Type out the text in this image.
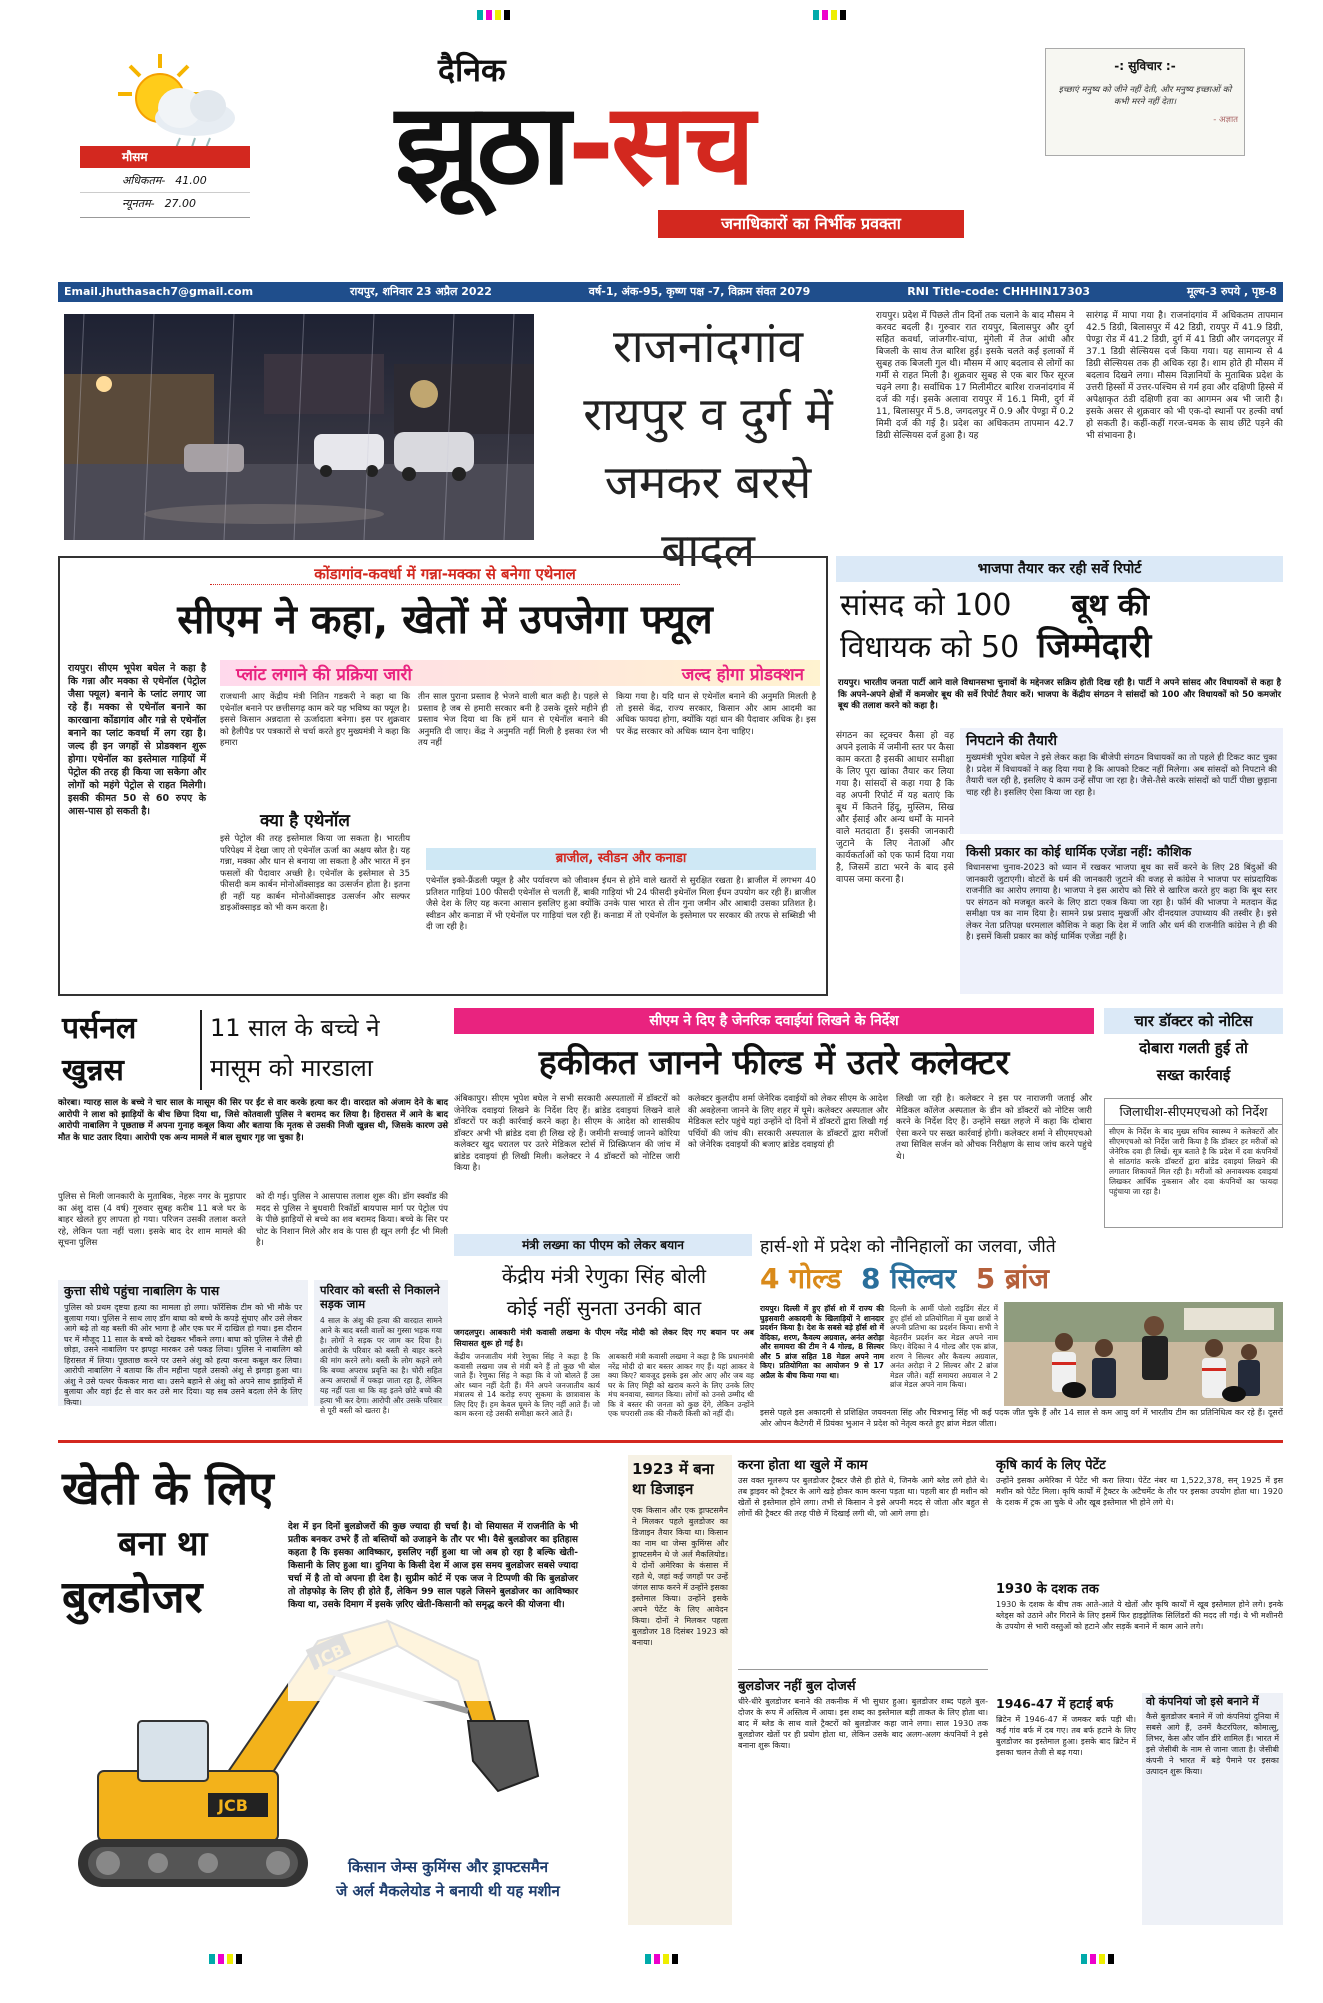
मौसम
अधिकतम- 41.00
न्यूनतम- 27.00
दैनिक
झूठा-सच
जनाधिकारों का निर्भीक प्रवक्ता
-: सुविचार :-
इच्छाएं मनुष्य को जीने नहीं देती, और मनुष्य इच्छाओं को कभी मरने नहीं देता।
- अज्ञात
Email.jhuthasach7@gmail.com	रायपुर, शनिवार 23 अप्रैल 2022	वर्ष-1, अंक-95, कृष्ण पक्ष -7, विक्रम संवत 2079	RNI Title-code: CHHHIN17303	मूल्य-3 रुपये , पृष्ठ-8
राजनांदगांव
रायपुर व दुर्ग में
जमकर बरसे बादल
रायपुर। प्रदेश में पिछले तीन दिनों तक चलाने के बाद मौसम ने करवट बदली है। गुरुवार रात रायपुर, बिलासपुर और दुर्ग सहित कवर्धा, जांजगीर-चांपा, मुंगेली में तेज आंधी और बिजली के साथ तेज बारिश हुई। इसके चलते कई इलाकों में सुबह तक बिजली गुल थी। मौसम में आए बदलाव से लोगों का गर्मी से राहत मिली है। शुक्रवार सुबह से एक बार फिर सूरज चढ़ने लगा है। सर्वाधिक 17 मिलीमीटर बारिश राजनांदगांव में दर्ज की गई। इसके अलावा रायपुर में 16.1 मिमी, दुर्ग में 11, बिलासपुर में 5.8, जगदलपुर में 0.9 और पेण्ड्रा में 0.2 मिमी दर्ज की गई है। प्रदेश का अधिकतम तापमान 42.7 डिग्री सेल्सियस दर्ज हुआ है। यह
सारंगढ़ में मापा गया है। राजनांदगांव में अधिकतम तापमान 42.5 डिग्री, बिलासपुर में 42 डिग्री, रायपुर में 41.9 डिग्री, पेण्ड्रा रोड में 41.2 डिग्री, दुर्ग में 41 डिग्री और जगदलपुर में 37.1 डिग्री सेल्सियस दर्ज किया गया। यह सामान्य से 4 डिग्री सेल्सियस तक ही अधिक रहा है। शाम होते ही मौसम में बदलाव दिखने लगा। मौसम विज्ञानियों के मुताबिक प्रदेश के उत्तरी हिस्सों में उत्तर-पश्चिम से गर्म हवा और दक्षिणी हिस्से में अपेक्षाकृत ठंडी दक्षिणी हवा का आगमन अब भी जारी है। इसके असर से शुक्रवार को भी एक-दो स्थानों पर हल्की वर्षा हो सकती है। कहीं-कहीं गरज-चमक के साथ छींटे पड़ने की भी संभावना है।
कोंडागांव-कवर्धा में गन्ना-मक्का से बनेगा एथेनाल
सीएम ने कहा, खेतों में उपजेगा फ्यूल
रायपुर। सीएम भूपेश बघेल ने कहा है कि गन्ना और मक्का से एथेनॉल (पेट्रोल जैसा फ्यूल) बनाने के प्लांट लगाए जा रहे हैं। मक्का से एथेनॉल बनाने का कारखाना कोंडागांव और गन्ने से एथेनॉल बनाने का प्लांट कवर्धा में लग रहा है। जल्द ही इन जगहों से प्रोडक्शन शुरू होगा। एथेनॉल का इस्तेमाल गाड़ियों में पेट्रोल की तरह ही किया जा सकेगा और लोगों को महंगे पेट्रोल से राहत मिलेगी। इसकी कीमत 50 से 60 रुपए के आस-पास हो सकती है।
प्लांट लगाने की प्रक्रिया जारी	जल्द होगा प्रोडक्शन
राजधानी आए केंद्रीय मंत्री नितिन गडकरी ने कहा था कि एथेनॉल बनाने पर छत्तीसगढ़ काम करे यह भविष्य का फ्यूल है। इससे किसान अन्नदाता से ऊर्जादाता बनेगा। इस पर शुक्रवार को हैलीपैड पर पत्रकारों से चर्चा करते हुए मुख्यमंत्री ने कहा कि हमारा
तीन साल पुराना प्रस्ताव है भेजने वाली बात कही है। पहले से प्रस्ताव है जब से हमारी सरकार बनी है उसके दूसरे महीने ही प्रस्ताव भेज दिया था कि हमें धान से एथेनॉल बनाने की अनुमति दी जाए। केंद्र ने अनुमति नहीं मिली है इसका रंज भी तय नहीं
किया गया है। यदि धान से एथेनॉल बनाने की अनुमति मिलती है तो इससे केंद्र, राज्य सरकार, किसान और आम आदमी का अधिक फायदा होगा, क्योंकि यहां धान की पैदावार अधिक है। इस पर केंद्र सरकार को अधिक ध्यान देना चाहिए।
क्या है एथेनॉल
इसे पेट्रोल की तरह इस्तेमाल किया जा सकता है। भारतीय परिपेक्ष्य में देखा जाए तो एथेनॉल ऊर्जा का अक्षय स्रोत है। यह गन्ना, मक्का और धान से बनाया जा सकता है और भारत में इन फसलों की पैदावार अच्छी है। एथेनॉल के इस्तेमाल से 35 फीसदी कम कार्बन मोनोऑक्साइड का उत्सर्जन होता है। इतना ही नहीं यह कार्बन मोनोऑक्साइड उत्सर्जन और सल्फर डाइऑक्साइड को भी कम करता है।
ब्राजील, स्वीडन और कनाडा
एथेनॉल इको-फ्रैंडली फ्यूल है और पर्यावरण को जीवाश्म ईंधन से होने वाले खतरों से सुरक्षित रखता है। ब्राजील में लगभग 40 प्रतिशत गाड़ियां 100 फीसदी एथेनॉल से चलती हैं, बाकी गाड़ियां भी 24 फीसदी इथेनॉल मिला ईंधन उपयोग कर रही हैं। ब्राजील जैसे देश के लिए यह करना आसान इसलिए हुआ क्योंकि उनके पास भारत से तीन गुना जमीन और आबादी उसका प्रतिशत है। स्वीडन और कनाडा में भी एथेनॉल पर गाड़ियां चल रही हैं। कनाडा में तो एथेनॉल के इस्तेमाल पर सरकार की तरफ से सब्सिडी भी दी जा रही है।
भाजपा तैयार कर रही सर्वे रिपोर्ट
सांसद को 100 बूथ की
विधायक को 50 जिम्मेदारी
रायपुर। भारतीय जनता पार्टी आने वाले विधानसभा चुनावों के मद्देनजर सक्रिय होती दिख रही है। पार्टी ने अपने सांसद और विधायकों से कहा है कि अपने-अपने क्षेत्रों में कमजोर बूथ की सर्वे रिपोर्ट तैयार करें। भाजपा के केंद्रीय संगठन ने सांसदों को 100 और विधायकों को 50 कमजोर बूथ की तलाश करने को कहा है।
संगठन का स्ट्रक्चर कैसा हो वह अपने इलाके में जमीनी स्तर पर कैसा काम करता है इसकी आधार समीक्षा के लिए पूरा खांका तैयार कर लिया गया है। सांसदों से कहा गया है कि वह अपनी रिपोर्ट में यह बताएं कि बूथ में कितने हिंदू, मुस्लिम, सिख और ईसाई और अन्य धर्मों के मानने वाले मतदाता हैं। इसकी जानकारी जुटाने के लिए नेताओं और कार्यकर्ताओं को एक फार्म दिया गया है, जिसमें डाटा भरने के बाद इसे वापस जमा करना है।
निपटाने की तैयारी
मुख्यमंत्री भूपेश बघेल ने इसे लेकर कहा कि बीजेपी संगठन विधायकों का तो पहले ही टिकट काट चुका है। प्रदेश में विधायकों ने कह दिया गया है कि आपको टिकट नहीं मिलेगा। अब सांसदों को निपटाने की तैयारी चल रही है, इसलिए ये काम उन्हें सौंपा जा रहा है। जैसे-तैसे करके सांसदों को पार्टी पीछा छुड़ाना चाह रही है। इसलिए ऐसा किया जा रहा है।
किसी प्रकार का कोई धार्मिक एजेंडा नहीं: कौशिक
विधानसभा चुनाव-2023 को ध्यान में रखकर भाजपा बूथ का सर्वे करने के लिए 28 बिंदुओं की जानकारी जुटाएगी। वोटरों के धर्म की जानकारी जुटाने की वजह से कांग्रेस ने भाजपा पर सांप्रदायिक राजनीति का आरोप लगाया है। भाजपा ने इस आरोप को सिरे से खारिज करते हुए कहा कि बूथ स्तर पर संगठन को मजबूत करने के लिए डाटा एकत्र किया जा रहा है। फॉर्म की भाजपा ने मतदान केंद्र समीक्षा पत्र का नाम दिया है। सामने प्रश्न प्रसाद मुखर्जी और दीनदयाल उपाध्याय की तस्वीर है। इसे लेकर नेता प्रतिपक्ष धरमलाल कौशिक ने कहा कि देश में जाति और धर्म की राजनीति कांग्रेस ने ही की है। इसमें किसी प्रकार का कोई धार्मिक एजेंडा नहीं है।
पर्सनल
खुन्नस
11 साल के बच्चे ने
मासूम को मारडाला
कोरबा। ग्यारह साल के बच्चे ने चार साल के मासूम की सिर पर ईंट से वार करके हत्या कर दी। वारदात को अंजाम देने के बाद आरोपी ने लाश को झाड़ियों के बीच छिपा दिया था, जिसे कोतवाली पुलिस ने बरामद कर लिया है। हिरासत में आने के बाद आरोपी नाबालिग ने पूछताछ में अपना गुनाह कबूल किया और बताया कि मृतक से उसकी निजी खुन्नस थी, जिसके कारण उसे मौत के घाट उतार दिया। आरोपी एक अन्य मामले में बाल सुधार गृह जा चुका है।
पुलिस से मिली जानकारी के मुताबिक, नेहरू नगर के मुड़ापार का अंशु दास (4 वर्ष) गुरुवार सुबह करीब 11 बजे घर के बाहर खेलते हुए लापता हो गया। परिजन उसकी तलाश करते रहे, लेकिन पता नहीं चला। इसके बाद देर शाम मामले की सूचना पुलिस
को दी गई। पुलिस ने आसपास तलाश शुरू की। डॉग स्क्वॉड की मदद से पुलिस ने बुधवारी रिकॉर्डो बायपास मार्ग पर पेट्रोल पंप के पीछे झाड़ियों से बच्चे का शव बरामद किया। बच्चे के सिर पर चोट के निशान मिले और शव के पास ही खून लगी ईंट भी मिली है।
कुत्ता सीधे पहुंचा नाबालिग के पास
पुलिस को प्रथम दृष्टया हत्या का मामला हो लगा। फॉरेंसिक टीम को भी मौके पर बुलाया गया। पुलिस ने साथ लाए डॉग बाघा को बच्चे के कपड़े सुंघाए और उसे लेकर आगे बढ़े तो वह बस्ती की ओर भागा है और एक घर में दाखिल हो गया। इस दौरान घर में मौजूद 11 साल के बच्चे को देखकर भौंकने लगा। बाघा को पुलिस ने जैसे ही छोड़ा, उसने नाबालिग पर झपट्टा मारकर उसे पकड़ लिया। पुलिस ने नाबालिग को हिरासत में लिया। पूछताछ करने पर उसने अंशु को हत्या करना कबूल कर लिया। आरोपी नाबालिग ने बताया कि तीन महीना पहले उसको अंशु से झगड़ा हुआ था। अंशु ने उसे पत्थर फेंककर मारा था। उसने बहाने से अंशु को अपने साथ झाड़ियों में बुलाया और वहां ईंट से वार कर उसे मार दिया। यह सब उसने बदला लेने के लिए किया।
परिवार को बस्ती से निकालने सड़क जाम
4 साल के अंशु की हत्या की वारदात सामने आने के बाद बस्ती वालों का गुस्सा भड़क गया है। लोगों ने सड़क पर जाम कर दिया है। आरोपी के परिवार को बस्ती से बाहर करने की मांग करने लगे। बस्ती के लोग कहने लगे कि बच्चा अपराध प्रवृत्ति का है। चोरी सहित अन्य अपराधों में पकड़ा जाता रहा है, लेकिन यह नहीं पता था कि वह इतने छोटे बच्चे की हत्या भी कर देगा। आरोपी और उसके परिवार से पूरी बस्ती को खतरा है।
सीएम ने दिए है जेनरिक दवाईयां लिखने के निर्देश
हकीकत जानने फील्ड में उतरे कलेक्टर
अंबिकापुर। सीएम भूपेश बघेल ने सभी सरकारी अस्पतालों में डॉक्टरों को जेनेरिक दवाइयां लिखने के निर्देश दिए हैं। ब्रांडेड दवाइयां लिखने वाले डॉक्टरों पर कड़ी कार्रवाई करने कहा है। सीएम के आदेश को शासकीय डॉक्टर अभी भी ब्रांडेड दवा ही लिख रहे हैं। जमीनी सच्चाई जानने कोरिया कलेक्टर खुद धरातल पर उतरे मेडिकल स्टोर्स में प्रिस्क्रिप्शन की जांच में ब्रांडेड दवाइयां ही लिखी मिली। कलेक्टर ने 4 डॉक्टरों को नोटिस जारी किया है।
कलेक्टर कुलदीप शर्मा जेनेरिक दवाईयों को लेकर सीएम के आदेश की अवहेलना जानने के लिए शहर में घूमे। कलेक्टर अस्पताल और मेडिकल स्टोर पहुंचे यहां उन्होंने दो दिनों में डॉक्टरों द्वारा लिखी गई पर्चियों की जांच की। सरकारी अस्पताल के डॉक्टरों द्वारा मरीजों को जेनेरिक दवाइयों की बजाए ब्रांडेड दवाइयां ही
लिखी जा रही है। कलेक्टर ने इस पर नाराजगी जताई और मेडिकल कॉलेज अस्पताल के डीन को डॉक्टरों को नोटिस जारी करने के निर्देश दिए हैं। उन्होंने सख्त लहजे में कहा कि दोबारा ऐसा करने पर सख्त कार्रवाई होगी। कलेक्टर शर्मा ने सीएमएचओ तथा सिविल सर्जन को औचक निरीक्षण के साथ जांच करने पहुंचे थे।
चार डॉक्टर को नोटिस
दोबारा गलती हुई तो
सख्त कार्रवाई
जिलाधीश-सीएमएचओ को निर्देश
सीएम के निर्देश के बाद मुख्य सचिव स्वास्थ्य ने कलेक्टरों और सीएमएचओ को निर्देश जारी किया है कि डॉक्टर हर मरीजों को जेनेरिक दवा ही लिखें। सूत्र बताते है कि प्रदेश में दवा कंपनियों से सांठगांठ करके डॉक्टरों द्वारा ब्रांडेड दवाइयां लिखने की लगातार शिकायतें मिल रही है। मरीजों को अनावश्यक दवाइयां लिखकर आर्थिक नुकसान और दवा कंपनियों का फायदा पहुंचाया जा रहा है।
मंत्री लख्मा का पीएम को लेकर बयान
केंद्रीय मंत्री रेणुका सिंह बोली
कोई नहीं सुनता उनकी बात
जगदलपुर। आबकारी मंत्री कवासी लखमा के पीएम नरेंद्र मोदी को लेकर दिए गए बयान पर अब सियासत शुरू हो गई है।
केंद्रीय जनजातीय मंत्री रेणुका सिंह ने कहा है कि कवासी लखमा जब से मंत्री बने हैं तो कुछ भी बोल जाते हैं। रेणुका सिंह ने कहा कि वे जो बोलते हैं उस ओर ध्यान नहीं देती हैं। मैंने अपने जनजातीय कार्य मंत्रालय से 14 करोड़ रुपए सुकमा के छात्रावास के लिए दिए हैं। हम केवल घूमने के लिए नहीं आते हैं। जो काम करना रहे उसकी समीक्षा करने आते हैं।
आबकारी मंत्री कवासी लखमा ने कहा है कि प्रधानमंत्री नरेंद्र मोदी दो बार बस्तर आकर गए हैं। यहां आकर वे क्या किए? बावजूद इसके इस ओर आए और जब वह घर के लिए मिट्टी को खराब करने के लिए उनके लिए मंच बनवाया, स्वागत किया। लोगों को उनसे उम्मीद थी कि वे बस्तर की जनता को कुछ देंगे, लेकिन उन्होंने एक चपरासी तक की नौकरी किसी को नहीं दी।
हार्स-शो में प्रदेश को नौनिहालों का जलवा, जीते
4 गोल्ड 8 सिल्वर 5 ब्रांज
रायपुर। दिल्ली में हुए हॉर्स शो में राज्य की घुड़सवारी अकादमी के खिलाड़ियों ने शानदार प्रदर्शन किया है। देश के सबसे बड़े हॉर्स शो में वेदिका, शरण, कैवल्य अग्रवाल, अनंत अरोड़ा और समायरा की टीम ने 4 गोल्ड, 8 सिल्वर और 5 ब्रांज सहित 18 मेडल अपने नाम किए। प्रतियोगिता का आयोजन 9 से 17 अप्रैल के बीच किया गया था।
दिल्ली के आर्मी पोलो राइडिंग सेंटर में हुए हॉर्स शो प्रतियोगिता में युवा छात्रों ने अपनी प्रतिभा का प्रदर्शन किया। सभी ने बेहतरीन प्रदर्शन कर मेडल अपने नाम किए। वेदिका ने 4 गोल्ड और एक ब्रांज, शरण ने सिल्वर और कैवल्य अग्रवाल, अनंत अरोड़ा ने 2 सिल्वर और 2 ब्रांज मेडल जीते। वहीं समायरा अग्रवाल ने 2 ब्रांज मेडल अपने नाम किया।
इससे पहले इस अकादमी से प्रशिक्षित जयवनता सिंह और चित्रभानु सिंह भी कई पदक जीत चुके हैं और 14 साल से कम आयु वर्ग में भारतीय टीम का प्रतिनिधित्व कर रहे हैं। दूसरों ओर ओपन कैटेगरी में प्रियंका भुआन ने प्रदेश को नेतृत्व करते हुए ब्रांज मेडल जीता।
खेती के लिए
बना था
बुलडोजर
JCB
देश में इन दिनों बुलडोजरों की कुछ ज्यादा ही चर्चा है। वो सियासत में राजनीति के भी प्रतीक बनकर उभरे हैं तो बस्तियों को उजाड़ने के तौर पर भी। वैसे बुलडोजर का इतिहास कहता है कि इसका आविष्कार, इसलिए नहीं हुआ था जो अब हो रहा है बल्कि खेती-किसानी के लिए हुआ था। दुनिया के किसी देश में आज इस समय बुलडोजर सबसे ज्यादा चर्चा में है तो वो अपना ही देश है। सुप्रीम कोर्ट में एक जज ने टिप्पणी की कि बुलडोजर तो तोड़फोड़ के लिए ही होते हैं, लेकिन 99 साल पहले जिसने बुलडोजर का आविष्कार किया था, उसके दिमाग में इसके ज़रिए खेती-किसानी को समृद्ध करने की योजना थी।
किसान जेम्स कुमिंग्स और ड्राफ्टसमैन
जे अर्ल मैकलेयोड ने बनायी थी यह मशीन
1923 में बना था डिजाइन
एक किसान और एक ड्राफ्टसमैन ने मिलकर पहले बुलडोजर का डिजाइन तैयार किया था। किसान का नाम था जेम्स कुमिंग्स और ड्राफ्टसमैन थे जे अर्ल मैकलियोड। ये दोनों अमेरिका के कंसास में रहते थे, जहां कई जगहों पर उन्हें जंगल साफ करने में उन्होंने इसका इस्तेमाल किया। उन्होंने इसके अपने पेटेंट के लिए आवेदन किया। दोनों ने मिलकर पहला बुलडोजर 18 दिसंबर 1923 को बनाया।
करना होता था खुले में काम
उस वक्त मूलरूप पर बुलडोजर ट्रैक्टर जैसे ही होते थे, जिनके आगे ब्लेड लगे होते थे। तब ड्राइवर को ट्रैक्टर के आगे खड़े होकर काम करना पड़ता था। पहली बार ही मशीन को खेतों से इस्तेमाल होने लगा। तभी से किसान ने इसे अपनी मदद से जोता और बहुत से लोगों की ट्रैक्टर की तरह पीछे में दिखाई लगी थी, जो आगे लगा हो।
बुलडोजर नहीं बुल दोजर्स
धीरे-धीरे बुलडोजर बनाने की तकनीक में भी सुधार हुआ। बुलडोजर शब्द पहले बुल-दोजर के रूप में अस्तित्व में आया। इस शब्द का इस्तेमाल बड़ी ताकत के लिए होता था। बाद में ब्लेड के साथ वाले ट्रैक्टरों को बुलडोजर कहा जाने लगा। साल 1930 तक बुलडोजर खेतों पर ही प्रयोग होता था, लेकिन उसके बाद अलग-अलग कंपनियों ने इसे बनाना शुरू किया।
कृषि कार्य के लिए पेटेंट
उन्होंने इसका अमेरिका में पेटेंट भी करा लिया। पेटेंट नंबर था 1,522,378, सन् 1925 में इस मशीन को पेटेंट मिला। कृषि कार्यों में ट्रैक्टर के अटैचमेंट के तौर पर इसका उपयोग होता था। 1920 के दशक में ट्रक आ चुके थे और खूब इस्तेमाल भी होने लगे थे।
1930 के दशक तक
1930 के दशक के बीच तक आते-आते ये खेतों और कृषि कार्यों में खूब इस्तेमाल होने लगे। इनके ब्लेड्स को उठाने और गिराने के लिए इसमें फिर हाइड्रोलिक सिलिंडरों की मदद ली गई। ये भी मशीनरी के उपयोग से भारी वस्तुओं को हटाने और सड़कें बनाने में काम आने लगे।
1946-47 में हटाई बर्फ
ब्रिटेन में 1946-47 में जमकर बर्फ पड़ी थी। कई गांव बर्फ में दब गए। तब बर्फ हटाने के लिए बुलडोजर का इस्तेमाल हुआ। इसके बाद ब्रिटेन में इसका चलन तेजी से बढ़ गया।
वो कंपनियां जो इसे बनाने में
कैसे बुलडोजर बनाने में जो कंपनियां दुनिया में सबसे आगे हैं, उनमें कैटरपिलर, कोमात्सु, लिभर, केस और जॉन डीरे शामिल हैं। भारत में इसे जेसीबी के नाम से जाना जाता है। जेसीबी कंपनी ने भारत में बड़े पैमाने पर इसका उत्पादन शुरू किया।
